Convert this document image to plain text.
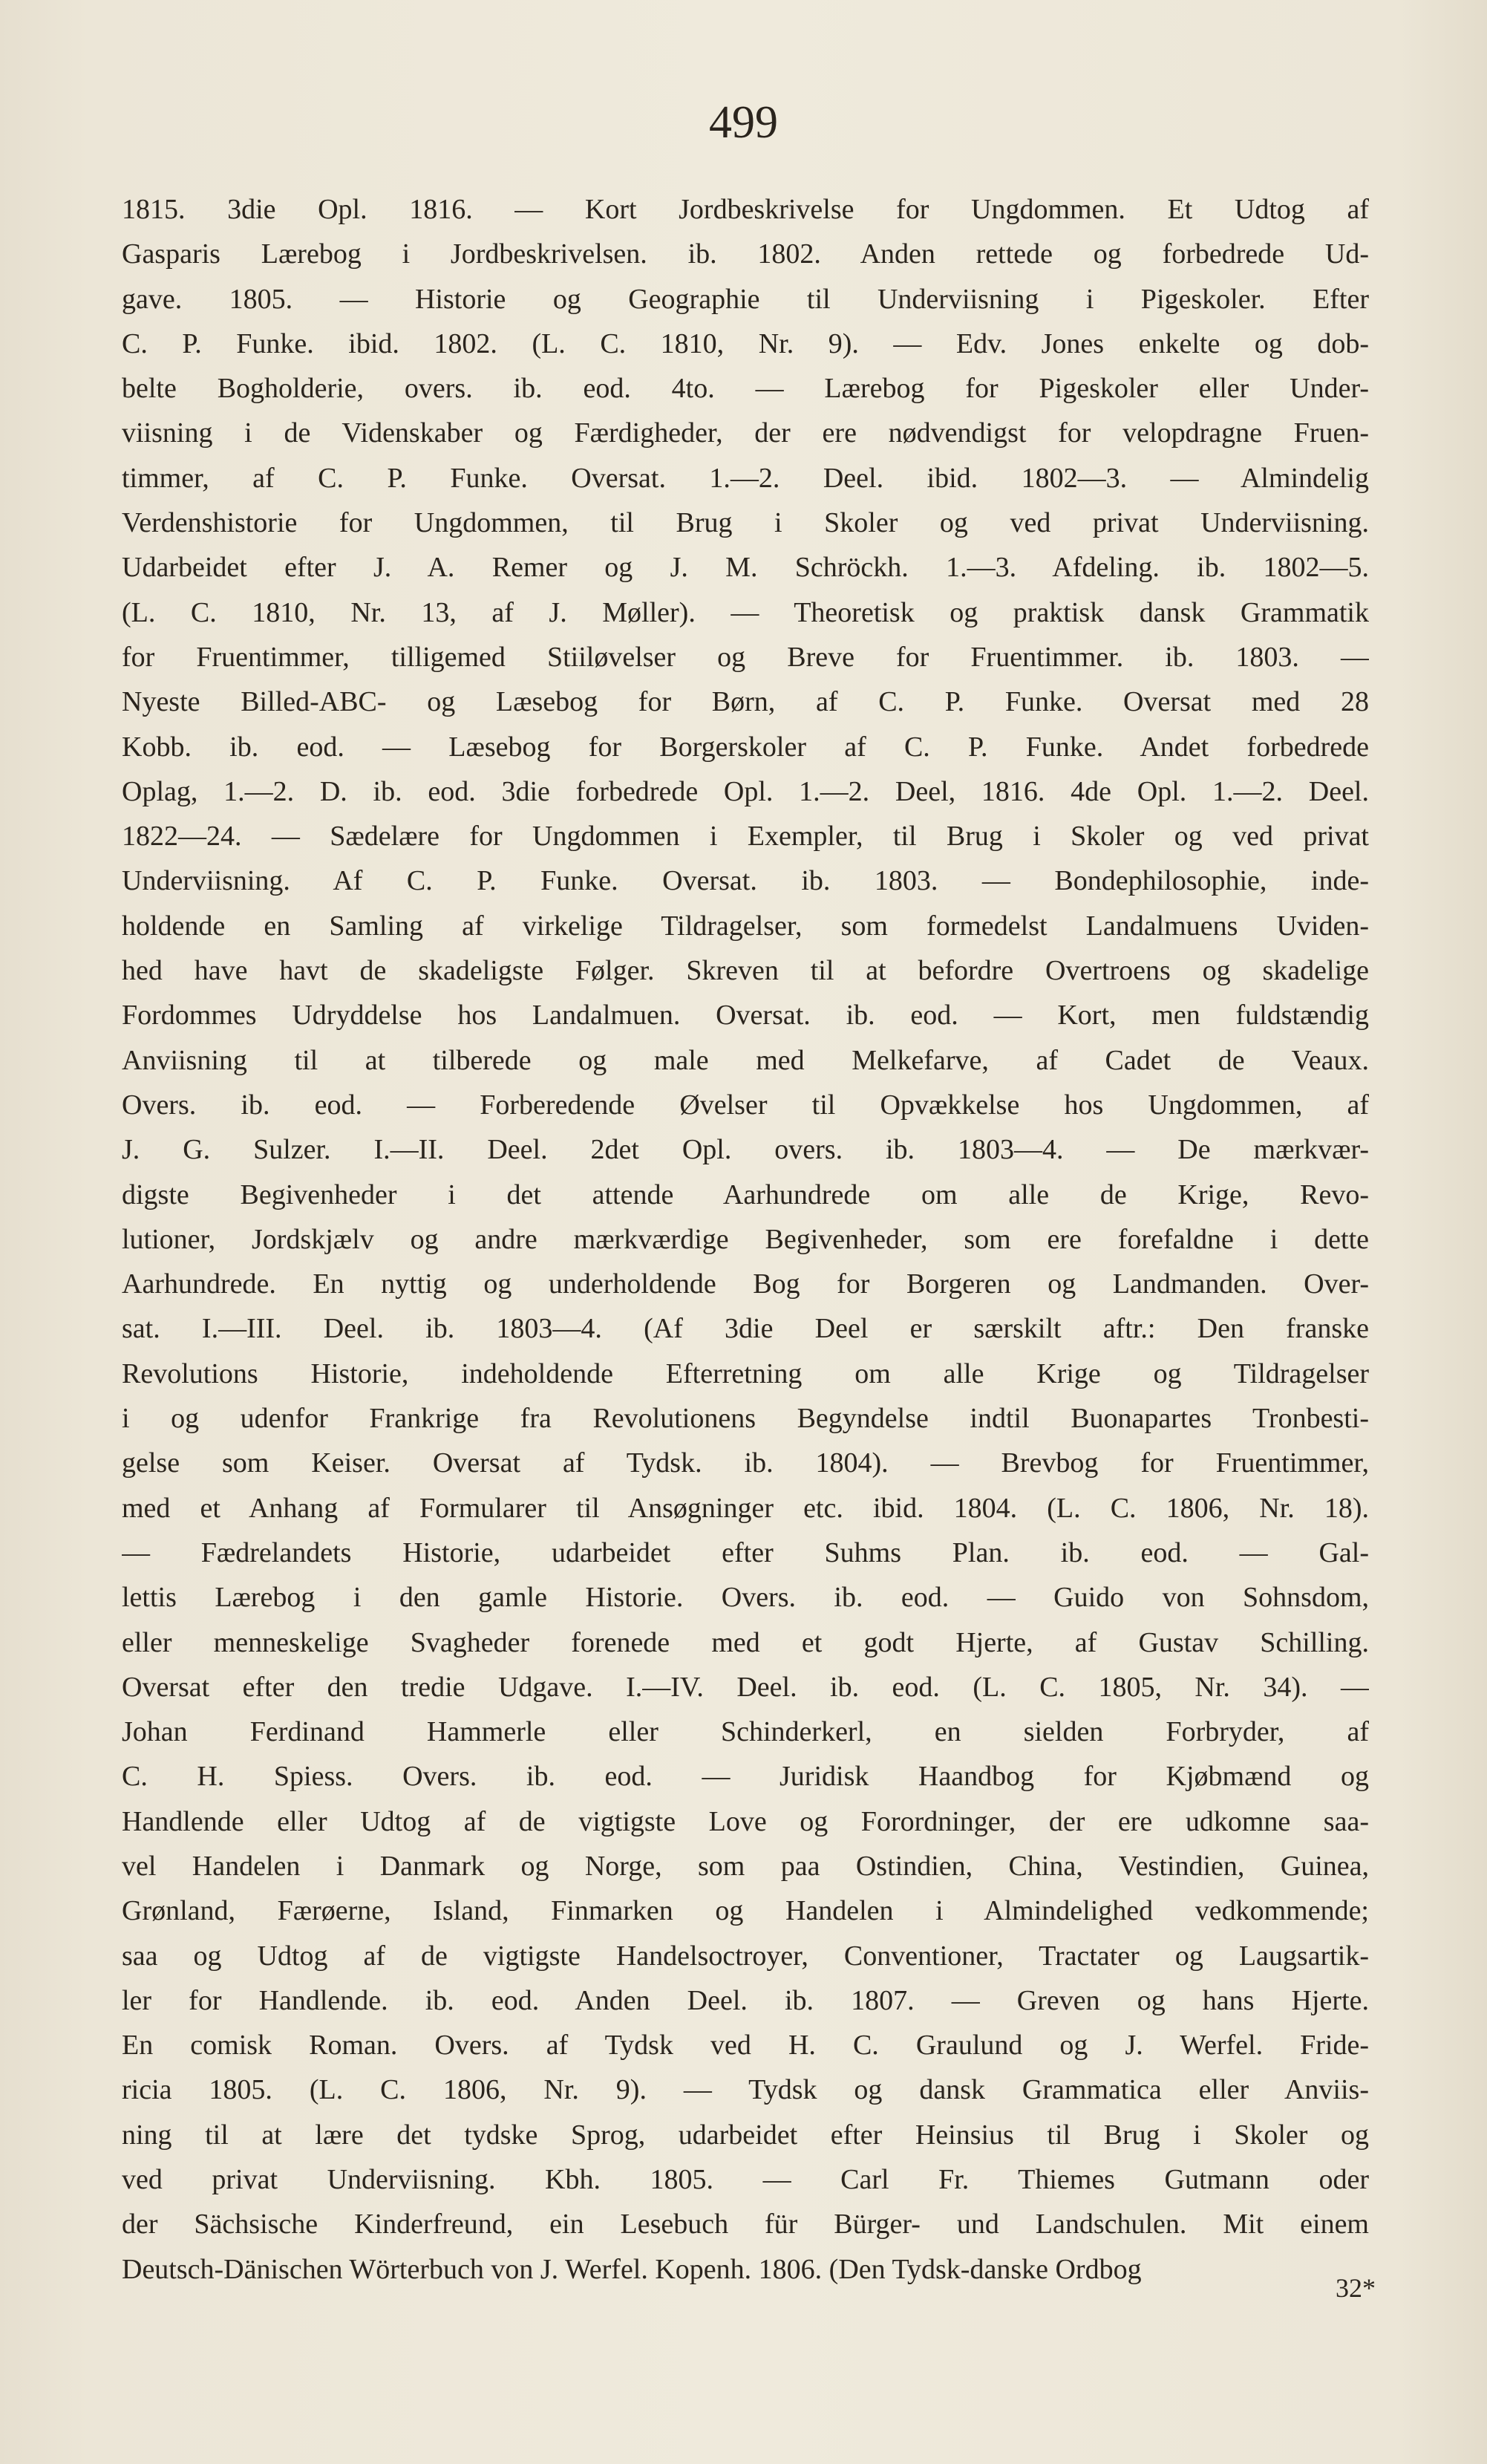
499
1815. 3die Opl. 1816. — Kort Jordbeskrivelse for Ungdommen. Et Udtog af
Gasparis Lærebog i Jordbeskrivelsen. ib. 1802. Anden rettede og forbedrede Ud-
gave. 1805. — Historie og Geographie til Underviisning i Pigeskoler. Efter
C. P. Funke. ibid. 1802. (L. C. 1810, Nr. 9). — Edv. Jones enkelte og dob-
belte Bogholderie, overs. ib. eod. 4to. — Lærebog for Pigeskoler eller Under-
viisning i de Videnskaber og Færdigheder, der ere nødvendigst for velopdragne Fruen-
timmer, af C. P. Funke. Oversat. 1.—2. Deel. ibid. 1802—3. — Almindelig
Verdenshistorie for Ungdommen, til Brug i Skoler og ved privat Underviisning.
Udarbeidet efter J. A. Remer og J. M. Schröckh. 1.—3. Afdeling. ib. 1802—5.
(L. C. 1810, Nr. 13, af J. Møller). — Theoretisk og praktisk dansk Grammatik
for Fruentimmer, tilligemed Stiiløvelser og Breve for Fruentimmer. ib. 1803. —
Nyeste Billed-ABC- og Læsebog for Børn, af C. P. Funke. Oversat med 28
Kobb. ib. eod. — Læsebog for Borgerskoler af C. P. Funke. Andet forbedrede
Oplag, 1.—2. D. ib. eod. 3die forbedrede Opl. 1.—2. Deel, 1816. 4de Opl. 1.—2. Deel.
1822—24. — Sædelære for Ungdommen i Exempler, til Brug i Skoler og ved privat
Underviisning. Af C. P. Funke. Oversat. ib. 1803. — Bondephilosophie, inde-
holdende en Samling af virkelige Tildragelser, som formedelst Landalmuens Uviden-
hed have havt de skadeligste Følger. Skreven til at befordre Overtroens og skadelige
Fordommes Udryddelse hos Landalmuen. Oversat. ib. eod. — Kort, men fuldstændig
Anviisning til at tilberede og male med Melkefarve, af Cadet de Veaux.
Overs. ib. eod. — Forberedende Øvelser til Opvækkelse hos Ungdommen, af
J. G. Sulzer. I.—II. Deel. 2det Opl. overs. ib. 1803—4. — De mærkvær-
digste Begivenheder i det attende Aarhundrede om alle de Krige, Revo-
lutioner, Jordskjælv og andre mærkværdige Begivenheder, som ere forefaldne i dette
Aarhundrede. En nyttig og underholdende Bog for Borgeren og Landmanden. Over-
sat. I.—III. Deel. ib. 1803—4. (Af 3die Deel er særskilt aftr.: Den franske
Revolutions Historie, indeholdende Efterretning om alle Krige og Tildragelser
i og udenfor Frankrige fra Revolutionens Begyndelse indtil Buonapartes Tronbesti-
gelse som Keiser. Oversat af Tydsk. ib. 1804). — Brevbog for Fruentimmer,
med et Anhang af Formularer til Ansøgninger etc. ibid. 1804. (L. C. 1806, Nr. 18).
— Fædrelandets Historie, udarbeidet efter Suhms Plan. ib. eod. — Gal-
lettis Lærebog i den gamle Historie. Overs. ib. eod. — Guido von Sohnsdom,
eller menneskelige Svagheder forenede med et godt Hjerte, af Gustav Schilling.
Oversat efter den tredie Udgave. I.—IV. Deel. ib. eod. (L. C. 1805, Nr. 34). —
Johan Ferdinand Hammerle eller Schinderkerl, en sielden Forbryder, af
C. H. Spiess. Overs. ib. eod. — Juridisk Haandbog for Kjøbmænd og
Handlende eller Udtog af de vigtigste Love og Forordninger, der ere udkomne saa-
vel Handelen i Danmark og Norge, som paa Ostindien, China, Vestindien, Guinea,
Grønland, Færøerne, Island, Finmarken og Handelen i Almindelighed vedkommende;
saa og Udtog af de vigtigste Handelsoctroyer, Conventioner, Tractater og Laugsartik-
ler for Handlende. ib. eod. Anden Deel. ib. 1807. — Greven og hans Hjerte.
En comisk Roman. Overs. af Tydsk ved H. C. Graulund og J. Werfel. Fride-
ricia 1805. (L. C. 1806, Nr. 9). — Tydsk og dansk Grammatica eller Anviis-
ning til at lære det tydske Sprog, udarbeidet efter Heinsius til Brug i Skoler og
ved privat Underviisning. Kbh. 1805. — Carl Fr. Thiemes Gutmann oder
der Sächsische Kinderfreund, ein Lesebuch für Bürger- und Landschulen. Mit einem
Deutsch-Dänischen Wörterbuch von J. Werfel. Kopenh. 1806. (Den Tydsk-danske Ordbog
32*
